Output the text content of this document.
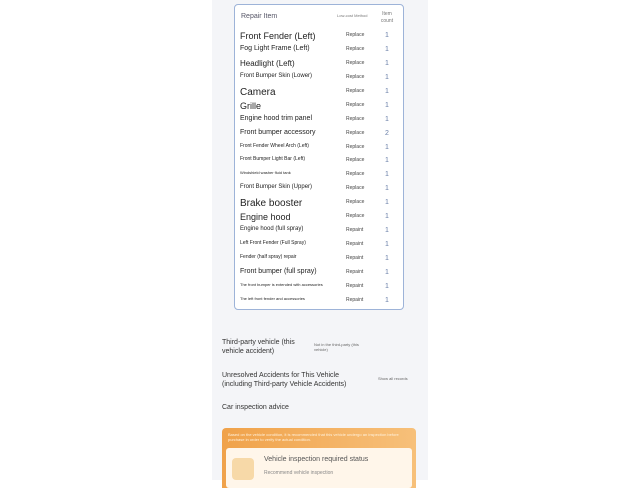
Repair Item	Low-cost Method	Item count
Front Fender (Left)	Replace	1
Fog Light Frame (Left)	Replace	1
Headlight (Left)	Replace	1
Front Bumper Skin (Lower)	Replace	1
Camera	Replace	1
Grille	Replace	1
Engine hood trim panel	Replace	1
Front bumper accessory	Replace	2
Front Fender Wheel Arch (Left)	Replace	1
Front Bumper Light Bar (Left)	Replace	1
Windshield washer fluid tank	Replace	1
Front Bumper Skin (Upper)	Replace	1
Brake booster	Replace	1
Engine hood	Replace	1
Engine hood (full spray)	Repaint	1
Left Front Fender (Full Spray)	Repaint	1
Fender (half spray) repair	Repaint	1
Front bumper (full spray)	Repaint	1
The front bumper is extended with accessories	Repaint	1
The left front fender and accessories	Repaint	1
Third-party vehicle (this vehicle accident)
Not in the third-party (this vehicle)
Unresolved Accidents for This Vehicle (including Third-party Vehicle Accidents)
Show all records
Car inspection advice
Based on the vehicle condition, it is recommended that this vehicle undergo an inspection before purchase in order to verify the actual condition.
Vehicle inspection required status
Recommend vehicle inspection
